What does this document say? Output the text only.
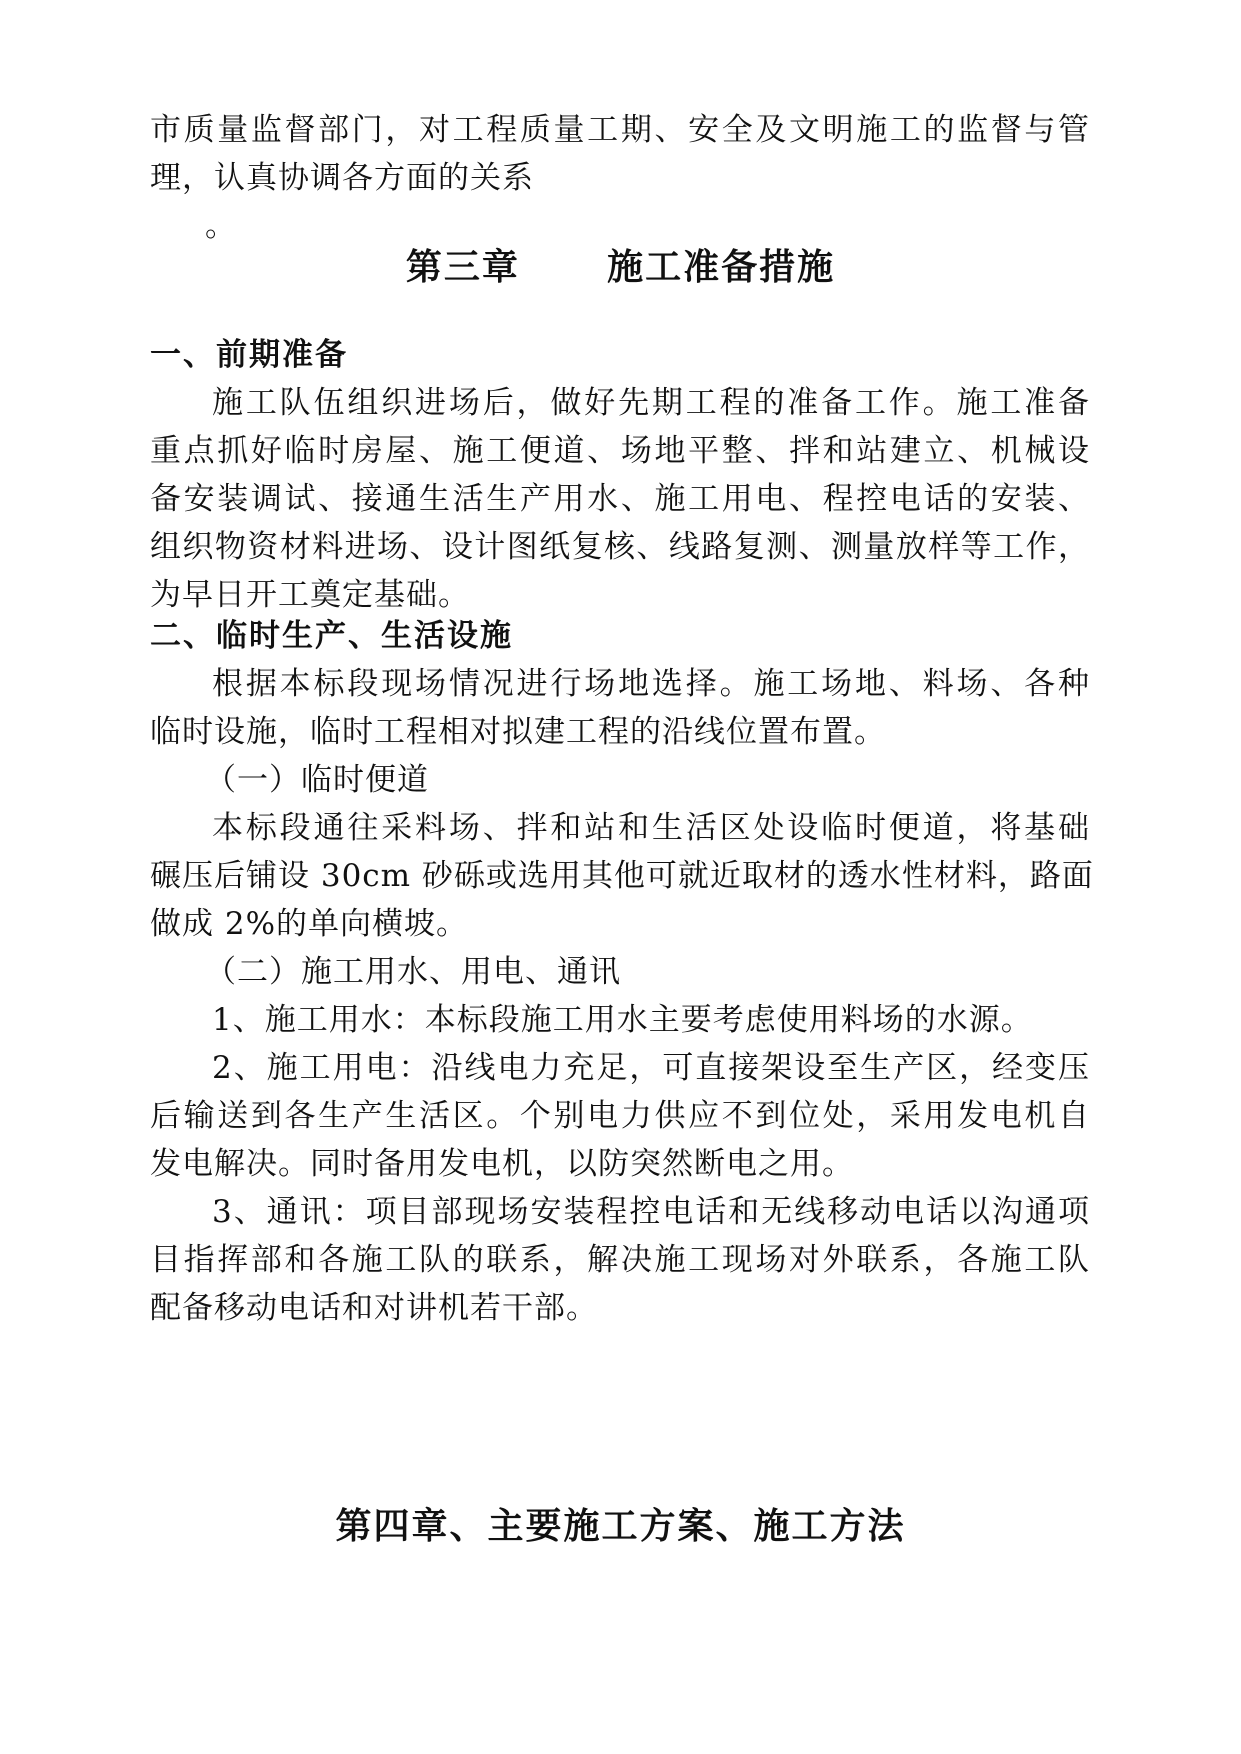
市质量监督部门，对工程质量工期、安全及文明施工的监督与管
理，认真协调各方面的关系
。
第三章      施工准备措施
一、前期准备
施工队伍组织进场后，做好先期工程的准备工作。施工准备
重点抓好临时房屋、施工便道、场地平整、拌和站建立、机械设
备安装调试、接通生活生产用水、施工用电、程控电话的安装、
组织物资材料进场、设计图纸复核、线路复测、测量放样等工作，
为早日开工奠定基础。
二、临时生产、生活设施
根据本标段现场情况进行场地选择。施工场地、料场、各种
临时设施，临时工程相对拟建工程的沿线位置布置。
（一）临时便道
本标段通往采料场、拌和站和生活区处设临时便道，将基础
碾压后铺设 30cm 砂砾或选用其他可就近取材的透水性材料，路面
做成 2%的单向横坡。
（二）施工用水、用电、通讯
1、施工用水：本标段施工用水主要考虑使用料场的水源。
2、施工用电：沿线电力充足，可直接架设至生产区，经变压
后输送到各生产生活区。个别电力供应不到位处，采用发电机自
发电解决。同时备用发电机，以防突然断电之用。
3、通讯：项目部现场安装程控电话和无线移动电话以沟通项
目指挥部和各施工队的联系，解决施工现场对外联系，各施工队
配备移动电话和对讲机若干部。
第四章、主要施工方案、施工方法
